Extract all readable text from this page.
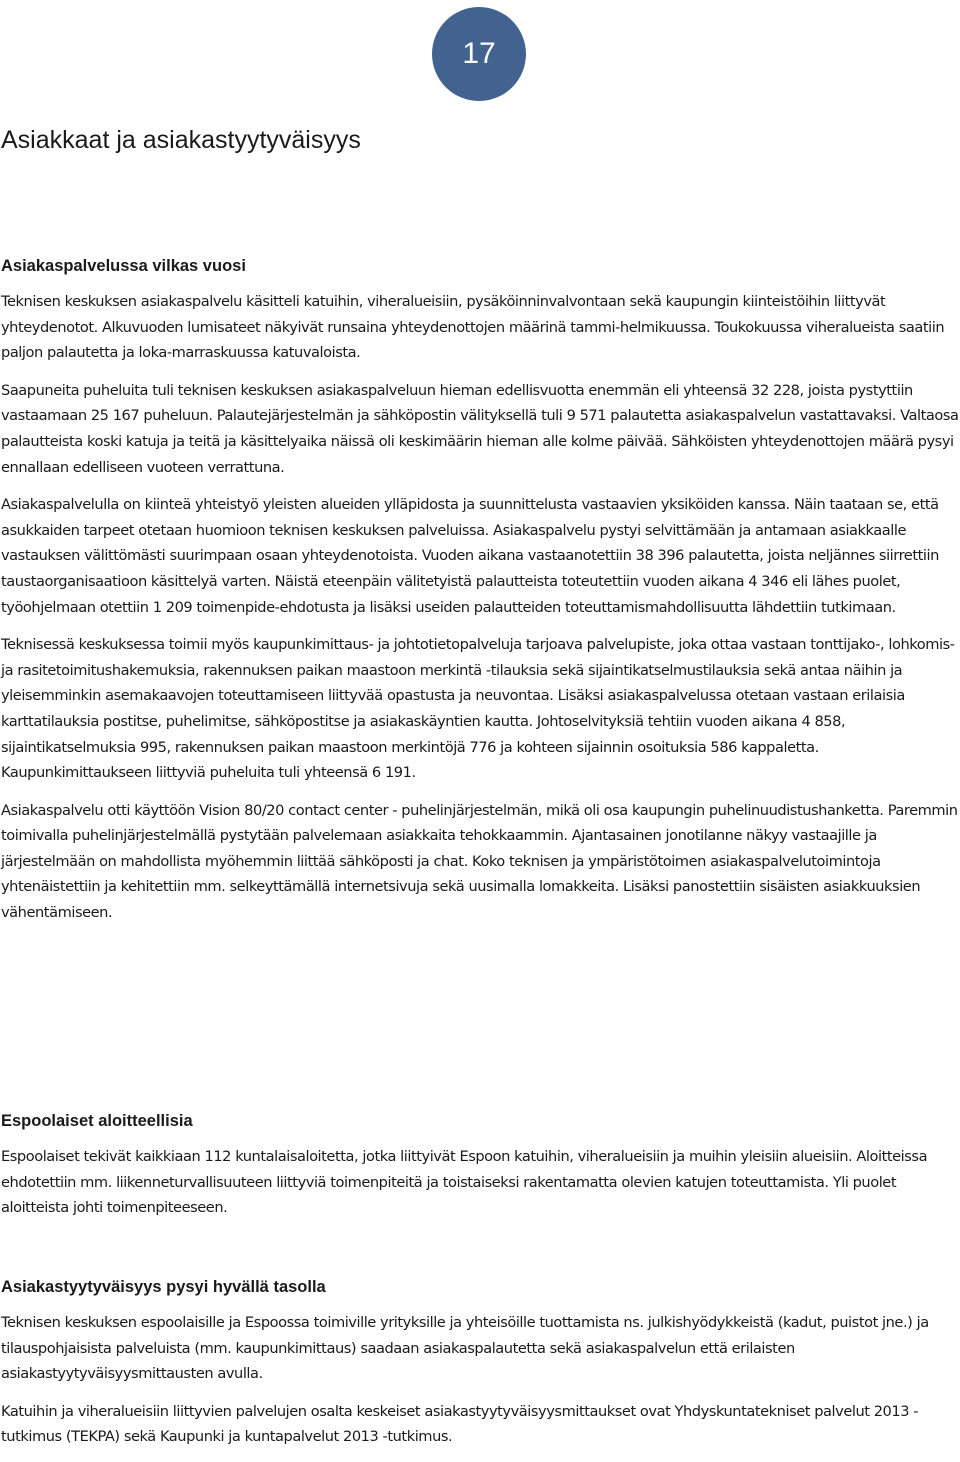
17
Asiakkaat ja asiakastyytyväisyys
Asiakaspalvelussa vilkas vuosi

Teknisen keskuksen asiakaspalvelu käsitteli katuihin, viheralueisiin, pysäköinninvalvontaan sekä kaupungin kiinteistöihin liittyvät yhteydenotot. Alkuvuoden lumisateet näkyivät runsaina yhteydenottojen määrinä tammi-helmikuussa. Toukokuussa viheralueista saatiin paljon palautetta ja loka-marraskuussa katuvaloista.

Saapuneita puheluita tuli teknisen keskuksen asiakaspalveluun hieman edellisvuotta enemmän eli yhteensä 32 228, joista pystyttiin vastaamaan 25 167 puheluun. Palautejärjestelmän ja sähköpostin välityksellä tuli 9 571 palautetta asiakaspalvelun vastattavaksi. Valtaosa palautteista koski katuja ja teitä ja käsittelyaika näissä oli keskimäärin hieman alle kolme päivää. Sähköisten yhteydenottojen määrä pysyi ennallaan edelliseen vuoteen verrattuna.

Asiakaspalvelulla on kiinteä yhteistyö yleisten alueiden ylläpidosta ja suunnittelusta vastaavien yksiköiden kanssa. Näin taataan se, että asukkaiden tarpeet otetaan huomioon teknisen keskuksen palveluissa. Asiakaspalvelu pystyi selvittämään ja antamaan asiakkaalle vastauksen välittömästi suurimpaan osaan yhteydenotoista. Vuoden aikana vastaanotettiin 38 396 palautetta, joista neljännes siirrettiin taustaorganisaatioon käsittelyä varten. Näistä eteenpäin välitetyistä palautteista toteutettiin vuoden aikana 4 346 eli lähes puolet, työohjelmaan otettiin 1 209 toimenpide-ehdotusta ja lisäksi useiden palautteiden toteuttamismahdollisuutta lähdettiin tutkimaan.

Teknisessä keskuksessa toimii myös kaupunkimittaus- ja johtotietopalveluja tarjoava palvelupiste, joka ottaa vastaan tonttijako-, lohkomis- ja rasitetoimitushakemuksia, rakennuksen paikan maastoon merkintä -tilauksia sekä sijaintikatselmustilauksia sekä antaa näihin ja yleisemminkin asemakaavojen toteuttamiseen liittyvää opastusta ja neuvontaa. Lisäksi asiakaspalvelussa otetaan vastaan erilaisia karttatilauksia postitse, puhelimitse, sähköpostitse ja asiakaskäyntien kautta. Johtoselvityksiä tehtiin vuoden aikana 4 858, sijaintikatselmuksia 995, rakennuksen paikan maastoon merkintöjä 776 ja kohteen sijainnin osoituksia 586 kappaletta. Kaupunkimittaukseen liittyviä puheluita tuli yhteensä 6 191.

Asiakaspalvelu otti käyttöön Vision 80/20 contact center - puhelinjärjestelmän, mikä oli osa kaupungin puhelinuudistushanketta. Paremmin toimivalla puhelinjärjestelmällä pystytään palvelemaan asiakkaita tehokkaammin. Ajantasainen jonotilanne näkyy vastaajille ja järjestelmään on mahdollista myöhemmin liittää sähköposti ja chat. Koko teknisen ja ympäristötoimen asiakaspalvelutoimintoja yhtenäistettiin ja kehitettiin mm. selkeyttämällä internetsivuja sekä uusimalla lomakkeita. Lisäksi panostettiin sisäisten asiakkuuksien vähentämiseen.

Espoolaiset aloitteellisia

Espoolaiset tekivät kaikkiaan 112 kuntalaisaloitetta, jotka liittyivät Espoon katuihin, viheralueisiin ja muihin yleisiin alueisiin. Aloitteissa ehdotettiin mm. liikenneturvallisuuteen liittyviä toimenpiteitä ja toistaiseksi rakentamatta olevien katujen toteuttamista. Yli puolet aloitteista johti toimenpiteeseen.

Asiakastyytyväisyys pysyi hyvällä tasolla

Teknisen keskuksen espoolaisille ja Espoossa toimiville yrityksille ja yhteisöille tuottamista ns. julkishyödykkeistä (kadut, puistot jne.) ja tilauspohjaisista palveluista (mm. kaupunkimittaus) saadaan asiakaspalautetta sekä asiakaspalvelun että erilaisten asiakastyytyväisyysmittausten avulla.

Katuihin ja viheralueisiin liittyvien palvelujen osalta keskeiset asiakastyytyväisyysmittaukset ovat Yhdyskuntatekniset palvelut 2013 -tutkimus (TEKPA) sekä Kaupunki ja kuntapalvelut 2013 -tutkimus.
